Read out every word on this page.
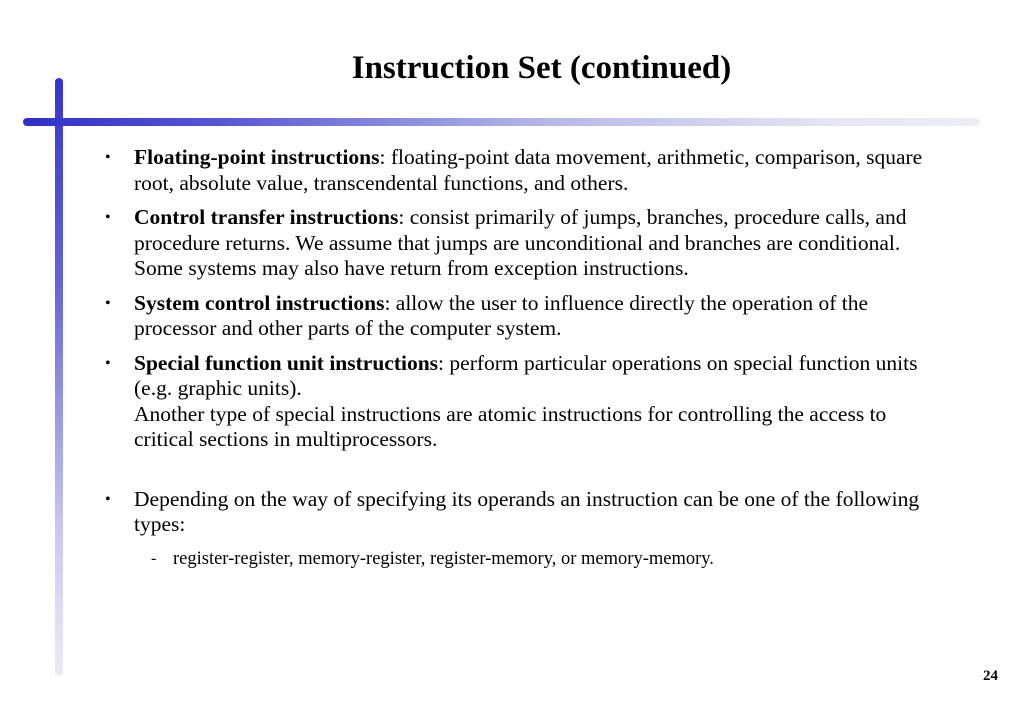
Instruction Set (continued)
• Floating-point instructions: floating-point data movement, arithmetic, comparison, square root, absolute value, transcendental functions, and others.
• Control transfer instructions: consist primarily of jumps, branches, procedure calls, and procedure returns. We assume that jumps are unconditional and branches are conditional. Some systems may also have return from exception instructions.
• System control instructions: allow the user to influence directly the operation of the processor and other parts of the computer system.
• Special function unit instructions: perform particular operations on special function units (e.g. graphic units).
Another type of special instructions are atomic instructions for controlling the access to critical sections in multiprocessors.
• Depending on the way of specifying its operands an instruction can be one of the following types:
- register-register, memory-register, register-memory, or memory-memory.
24
